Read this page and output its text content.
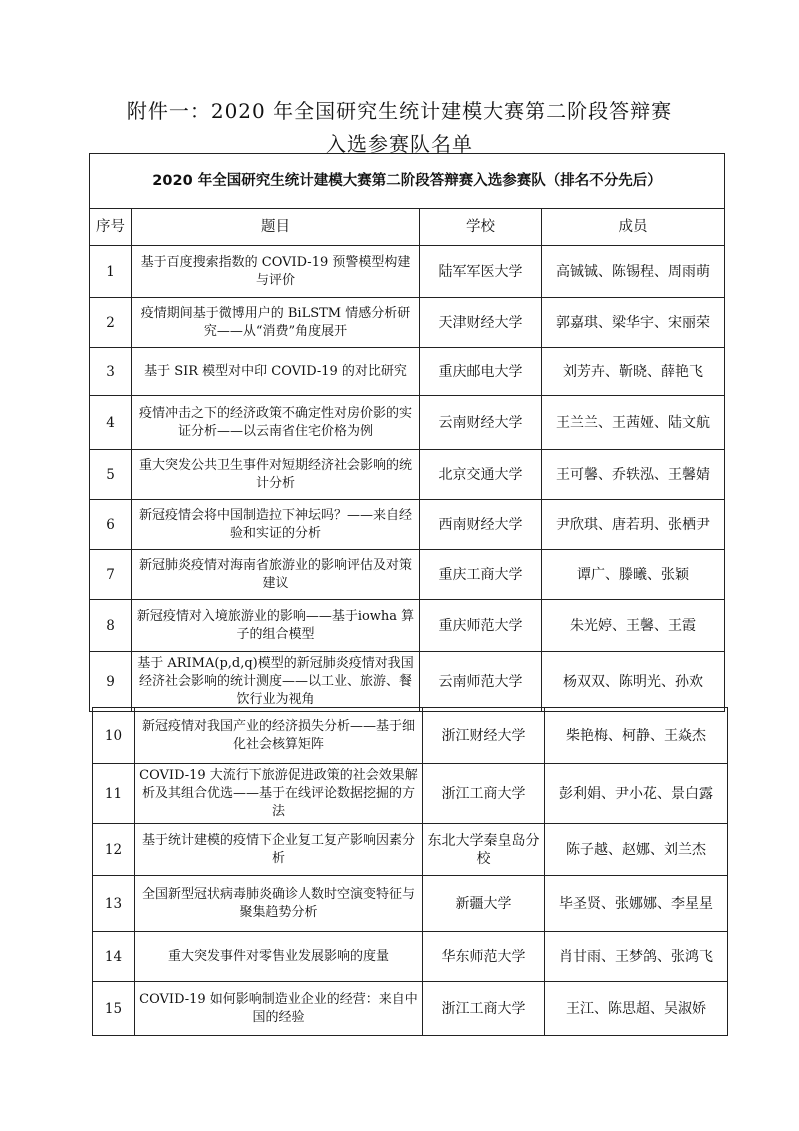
附件一：2020 年全国研究生统计建模大赛第二阶段答辩赛
入选参赛队名单
2020 年全国研究生统计建模大赛第二阶段答辩赛入选参赛队（排名不分先后）			
序号	题目	学校	成员
1	基于百度搜索指数的 COVID-19 预警模型构建与评价	陆军军医大学	高铖铖、陈锡程、周雨萌
2	疫情期间基于微博用户的 BiLSTM 情感分析研究——从“消费”角度展开	天津财经大学	郭嘉琪、梁华宇、宋丽荣
3	基于 SIR 模型对中印 COVID-19 的对比研究	重庆邮电大学	刘芳卉、靳晓、薛艳飞
4	疫情冲击之下的经济政策不确定性对房价影的实证分析——以云南省住宅价格为例	云南财经大学	王兰兰、王茜娅、陆文航
5	重大突发公共卫生事件对短期经济社会影响的统计分析	北京交通大学	王可馨、乔轶泓、王馨婧
6	新冠疫情会将中国制造拉下神坛吗？——来自经验和实证的分析	西南财经大学	尹欣琪、唐若玥、张栖尹
7	新冠肺炎疫情对海南省旅游业的影响评估及对策建议	重庆工商大学	谭广、滕曦、张颖
8	新冠疫情对入境旅游业的影响——基于iowha 算子的组合模型	重庆师范大学	朱光婷、王馨、王霞
9	基于 ARIMA(p,d,q)模型的新冠肺炎疫情对我国经济社会影响的统计测度——以工业、旅游、餐饮行业为视角	云南师范大学	杨双双、陈明光、孙欢
10	新冠疫情对我国产业的经济损失分析——基于细化社会核算矩阵	浙江财经大学	柴艳梅、柯静、王焱杰
11	COVID-19 大流行下旅游促进政策的社会效果解析及其组合优选——基于在线评论数据挖掘的方法	浙江工商大学	彭利娟、尹小花、景白露
12	基于统计建模的疫情下企业复工复产影响因素分析	东北大学秦皇岛分校	陈子越、赵娜、刘兰杰
13	全国新型冠状病毒肺炎确诊人数时空演变特征与聚集趋势分析	新疆大学	毕圣贤、张娜娜、李星星
14	重大突发事件对零售业发展影响的度量	华东师范大学	肖甘雨、王梦鸽、张鸿飞
15	COVID-19 如何影响制造业企业的经营：来自中国的经验	浙江工商大学	王江、陈思超、吴淑娇
